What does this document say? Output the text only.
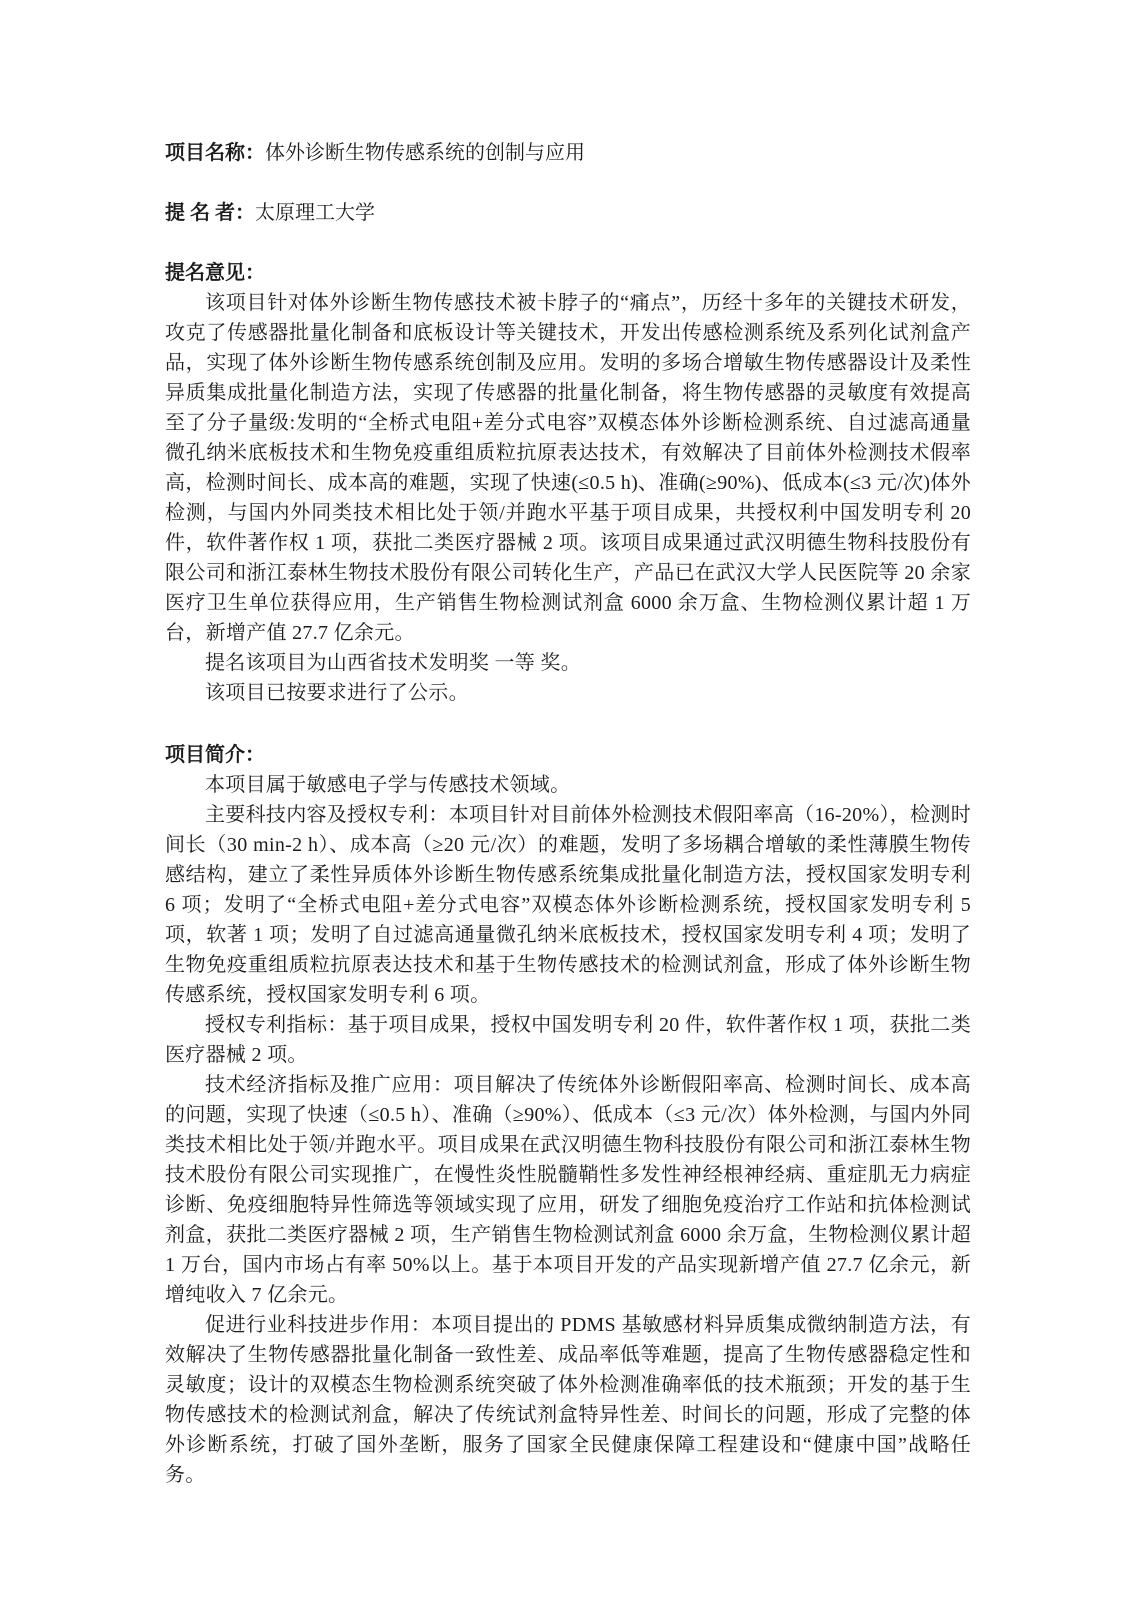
项目名称：体外诊断生物传感系统的创制与应用

提 名 者：太原理工大学

提名意见：

该项目针对体外诊断生物传感技术被卡脖子的“痛点”，历经十多年的关键技术研发，攻克了传感器批量化制备和底板设计等关键技术，开发出传感检测系统及系列化试剂盒产品，实现了体外诊断生物传感系统创制及应用。发明的多场合增敏生物传感器设计及柔性异质集成批量化制造方法，实现了传感器的批量化制备，将生物传感器的灵敏度有效提高至了分子量级:发明的“全桥式电阻+差分式电容”双模态体外诊断检测系统、自过滤高通量微孔纳米底板技术和生物免疫重组质粒抗原表达技术，有效解决了目前体外检测技术假率高，检测时间长、成本高的难题，实现了快速(≤0.5 h)、准确(≥90%)、低成本(≤3 元/次)体外检测，与国内外同类技术相比处于领/并跑水平基于项目成果，共授权利中国发明专利 20 件，软件著作权 1 项，获批二类医疗器械 2 项。该项目成果通过武汉明德生物科技股份有限公司和浙江泰林生物技术股份有限公司转化生产，产品已在武汉大学人民医院等 20 余家医疗卫生单位获得应用，生产销售生物检测试剂盒 6000 余万盒、生物检测仪累计超 1 万台，新增产值 27.7 亿余元。

提名该项目为山西省技术发明奖 一等 奖。

该项目已按要求进行了公示。

项目简介：

本项目属于敏感电子学与传感技术领域。

主要科技内容及授权专利：本项目针对目前体外检测技术假阳率高（16-20%），检测时间长（30 min-2 h）、成本高（≥20 元/次）的难题，发明了多场耦合增敏的柔性薄膜生物传感结构，建立了柔性异质体外诊断生物传感系统集成批量化制造方法，授权国家发明专利 6 项；发明了“全桥式电阻+差分式电容”双模态体外诊断检测系统，授权国家发明专利 5 项，软著 1 项；发明了自过滤高通量微孔纳米底板技术，授权国家发明专利 4 项；发明了生物免疫重组质粒抗原表达技术和基于生物传感技术的检测试剂盒，形成了体外诊断生物传感系统，授权国家发明专利 6 项。

授权专利指标：基于项目成果，授权中国发明专利 20 件，软件著作权 1 项，获批二类医疗器械 2 项。

技术经济指标及推广应用：项目解决了传统体外诊断假阳率高、检测时间长、成本高的问题，实现了快速（≤0.5 h）、准确（≥90%）、低成本（≤3 元/次）体外检测，与国内外同类技术相比处于领/并跑水平。项目成果在武汉明德生物科技股份有限公司和浙江泰林生物技术股份有限公司实现推广，在慢性炎性脱髓鞘性多发性神经根神经病、重症肌无力病症诊断、免疫细胞特异性筛选等领域实现了应用，研发了细胞免疫治疗工作站和抗体检测试剂盒，获批二类医疗器械 2 项，生产销售生物检测试剂盒 6000 余万盒，生物检测仪累计超 1 万台，国内市场占有率 50%以上。基于本项目开发的产品实现新增产值 27.7 亿余元，新增纯收入 7 亿余元。

促进行业科技进步作用：本项目提出的 PDMS 基敏感材料异质集成微纳制造方法，有效解决了生物传感器批量化制备一致性差、成品率低等难题，提高了生物传感器稳定性和灵敏度；设计的双模态生物检测系统突破了体外检测准确率低的技术瓶颈；开发的基于生物传感技术的检测试剂盒，解决了传统试剂盒特异性差、时间长的问题，形成了完整的体外诊断系统，打破了国外垄断，服务了国家全民健康保障工程建设和“健康中国”战略任务。
